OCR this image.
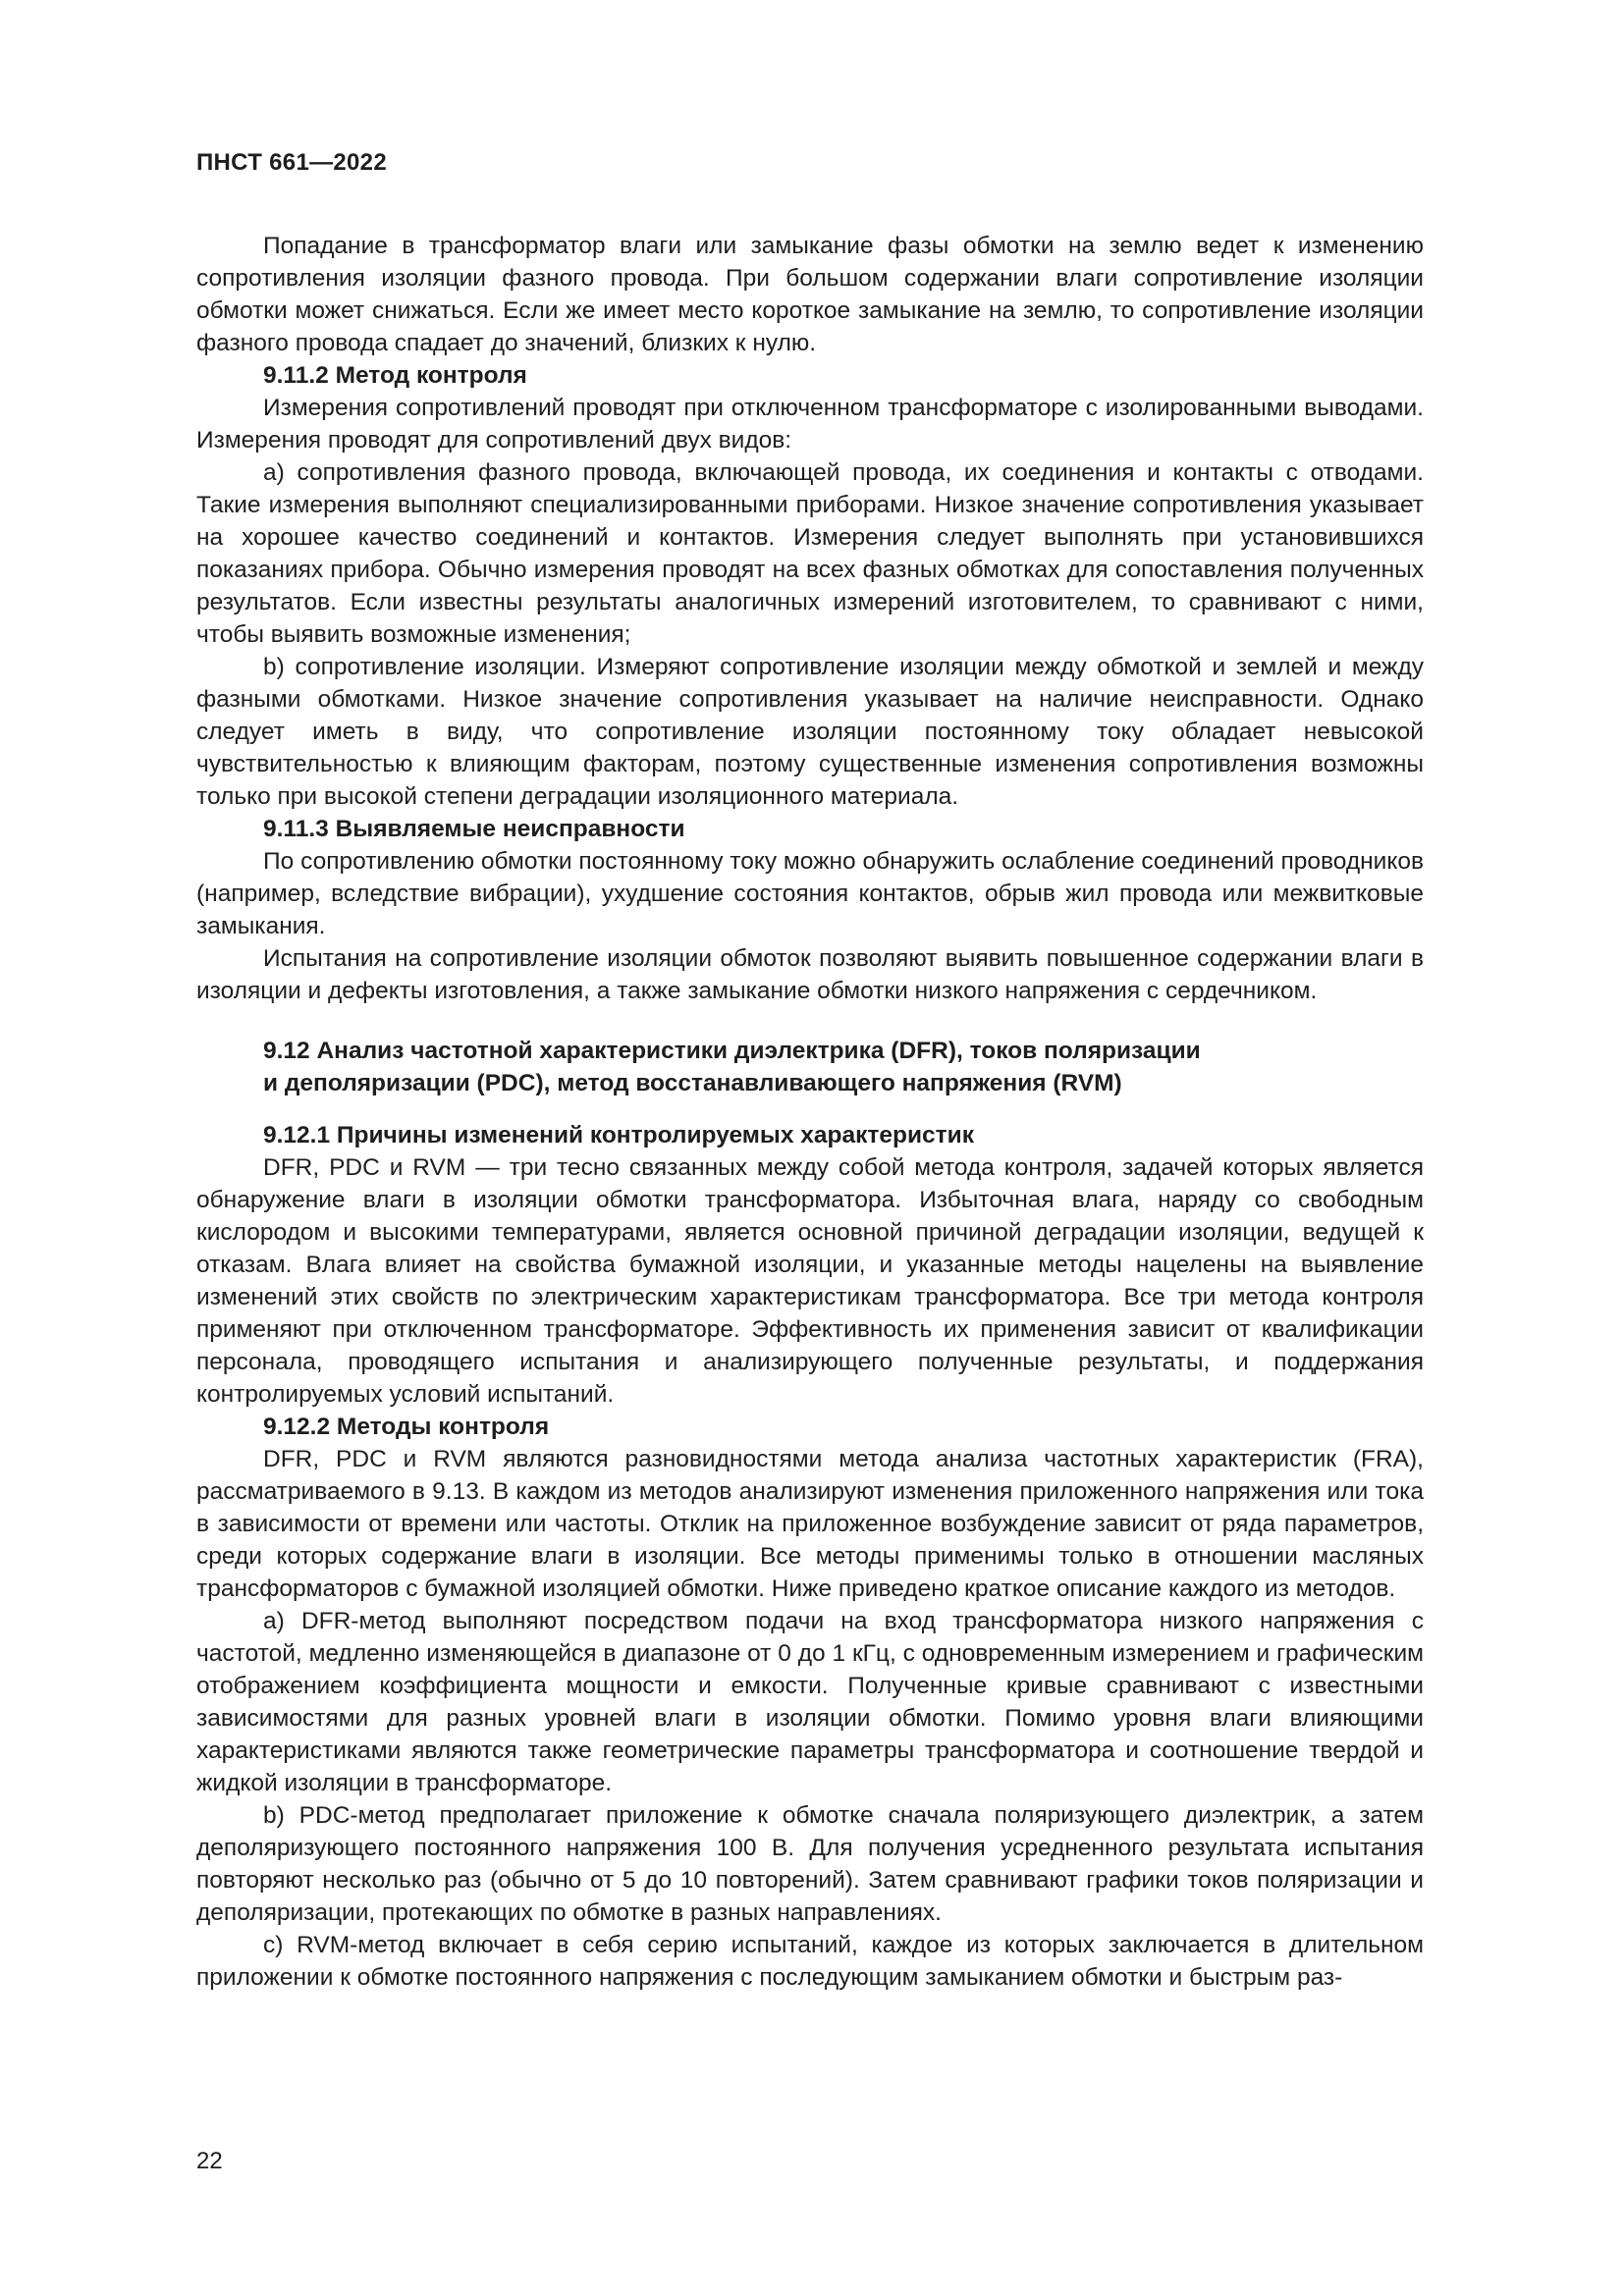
ПНСТ 661—2022

Попадание в трансформатор влаги или замыкание фазы обмотки на землю ведет к изменению сопротивления изоляции фазного провода. При большом содержании влаги сопротивление изоляции обмотки может снижаться. Если же имеет место короткое замыкание на землю, то сопротивление изоляции фазного провода спадает до значений, близких к нулю.

9.11.2 Метод контроля

Измерения сопротивлений проводят при отключенном трансформаторе с изолированными выводами. Измерения проводят для сопротивлений двух видов:

а) сопротивления фазного провода, включающей провода, их соединения и контакты с отводами. Такие измерения выполняют специализированными приборами. Низкое значение сопротивления указывает на хорошее качество соединений и контактов. Измерения следует выполнять при установившихся показаниях прибора. Обычно измерения проводят на всех фазных обмотках для сопоставления полученных результатов. Если известны результаты аналогичных измерений изготовителем, то сравнивают с ними, чтобы выявить возможные изменения;

b) сопротивление изоляции. Измеряют сопротивление изоляции между обмоткой и землей и между фазными обмотками. Низкое значение сопротивления указывает на наличие неисправности. Однако следует иметь в виду, что сопротивление изоляции постоянному току обладает невысокой чувствительностью к влияющим факторам, поэтому существенные изменения сопротивления возможны только при высокой степени деградации изоляционного материала.

9.11.3 Выявляемые неисправности

По сопротивлению обмотки постоянному току можно обнаружить ослабление соединений проводников (например, вследствие вибрации), ухудшение состояния контактов, обрыв жил провода или межвитковые замыкания.

Испытания на сопротивление изоляции обмоток позволяют выявить повышенное содержании влаги в изоляции и дефекты изготовления, а также замыкание обмотки низкого напряжения с сердечником.

9.12 Анализ частотной характеристики диэлектрика (DFR), токов поляризации
и деполяризации (PDC), метод восстанавливающего напряжения (RVM)
9.12.1 Причины изменений контролируемых характеристик

DFR, PDC и RVM — три тесно связанных между собой метода контроля, задачей которых является обнаружение влаги в изоляции обмотки трансформатора. Избыточная влага, наряду со свободным кислородом и высокими температурами, является основной причиной деградации изоляции, ведущей к отказам. Влага влияет на свойства бумажной изоляции, и указанные методы нацелены на выявление изменений этих свойств по электрическим характеристикам трансформатора. Все три метода контроля применяют при отключенном трансформаторе. Эффективность их применения зависит от квалификации персонала, проводящего испытания и анализирующего полученные результаты, и поддержания контролируемых условий испытаний.

9.12.2 Методы контроля

DFR, PDC и RVM являются разновидностями метода анализа частотных характеристик (FRA), рассматриваемого в 9.13. В каждом из методов анализируют изменения приложенного напряжения или тока в зависимости от времени или частоты. Отклик на приложенное возбуждение зависит от ряда параметров, среди которых содержание влаги в изоляции. Все методы применимы только в отношении масляных трансформаторов с бумажной изоляцией обмотки. Ниже приведено краткое описание каждого из методов.

а) DFR-метод выполняют посредством подачи на вход трансформатора низкого напряжения с частотой, медленно изменяющейся в диапазоне от 0 до 1 кГц, с одновременным измерением и графическим отображением коэффициента мощности и емкости. Полученные кривые сравнивают с известными зависимостями для разных уровней влаги в изоляции обмотки. Помимо уровня влаги влияющими характеристиками являются также геометрические параметры трансформатора и соотношение твердой и жидкой изоляции в трансформаторе.

b) PDC-метод предполагает приложение к обмотке сначала поляризующего диэлектрик, а затем деполяризующего постоянного напряжения 100 В. Для получения усредненного результата испытания повторяют несколько раз (обычно от 5 до 10 повторений). Затем сравнивают графики токов поляризации и деполяризации, протекающих по обмотке в разных направлениях.

с) RVM-метод включает в себя серию испытаний, каждое из которых заключается в длительном приложении к обмотке постоянного напряжения с последующим замыканием обмотки и быстрым раз-

22
